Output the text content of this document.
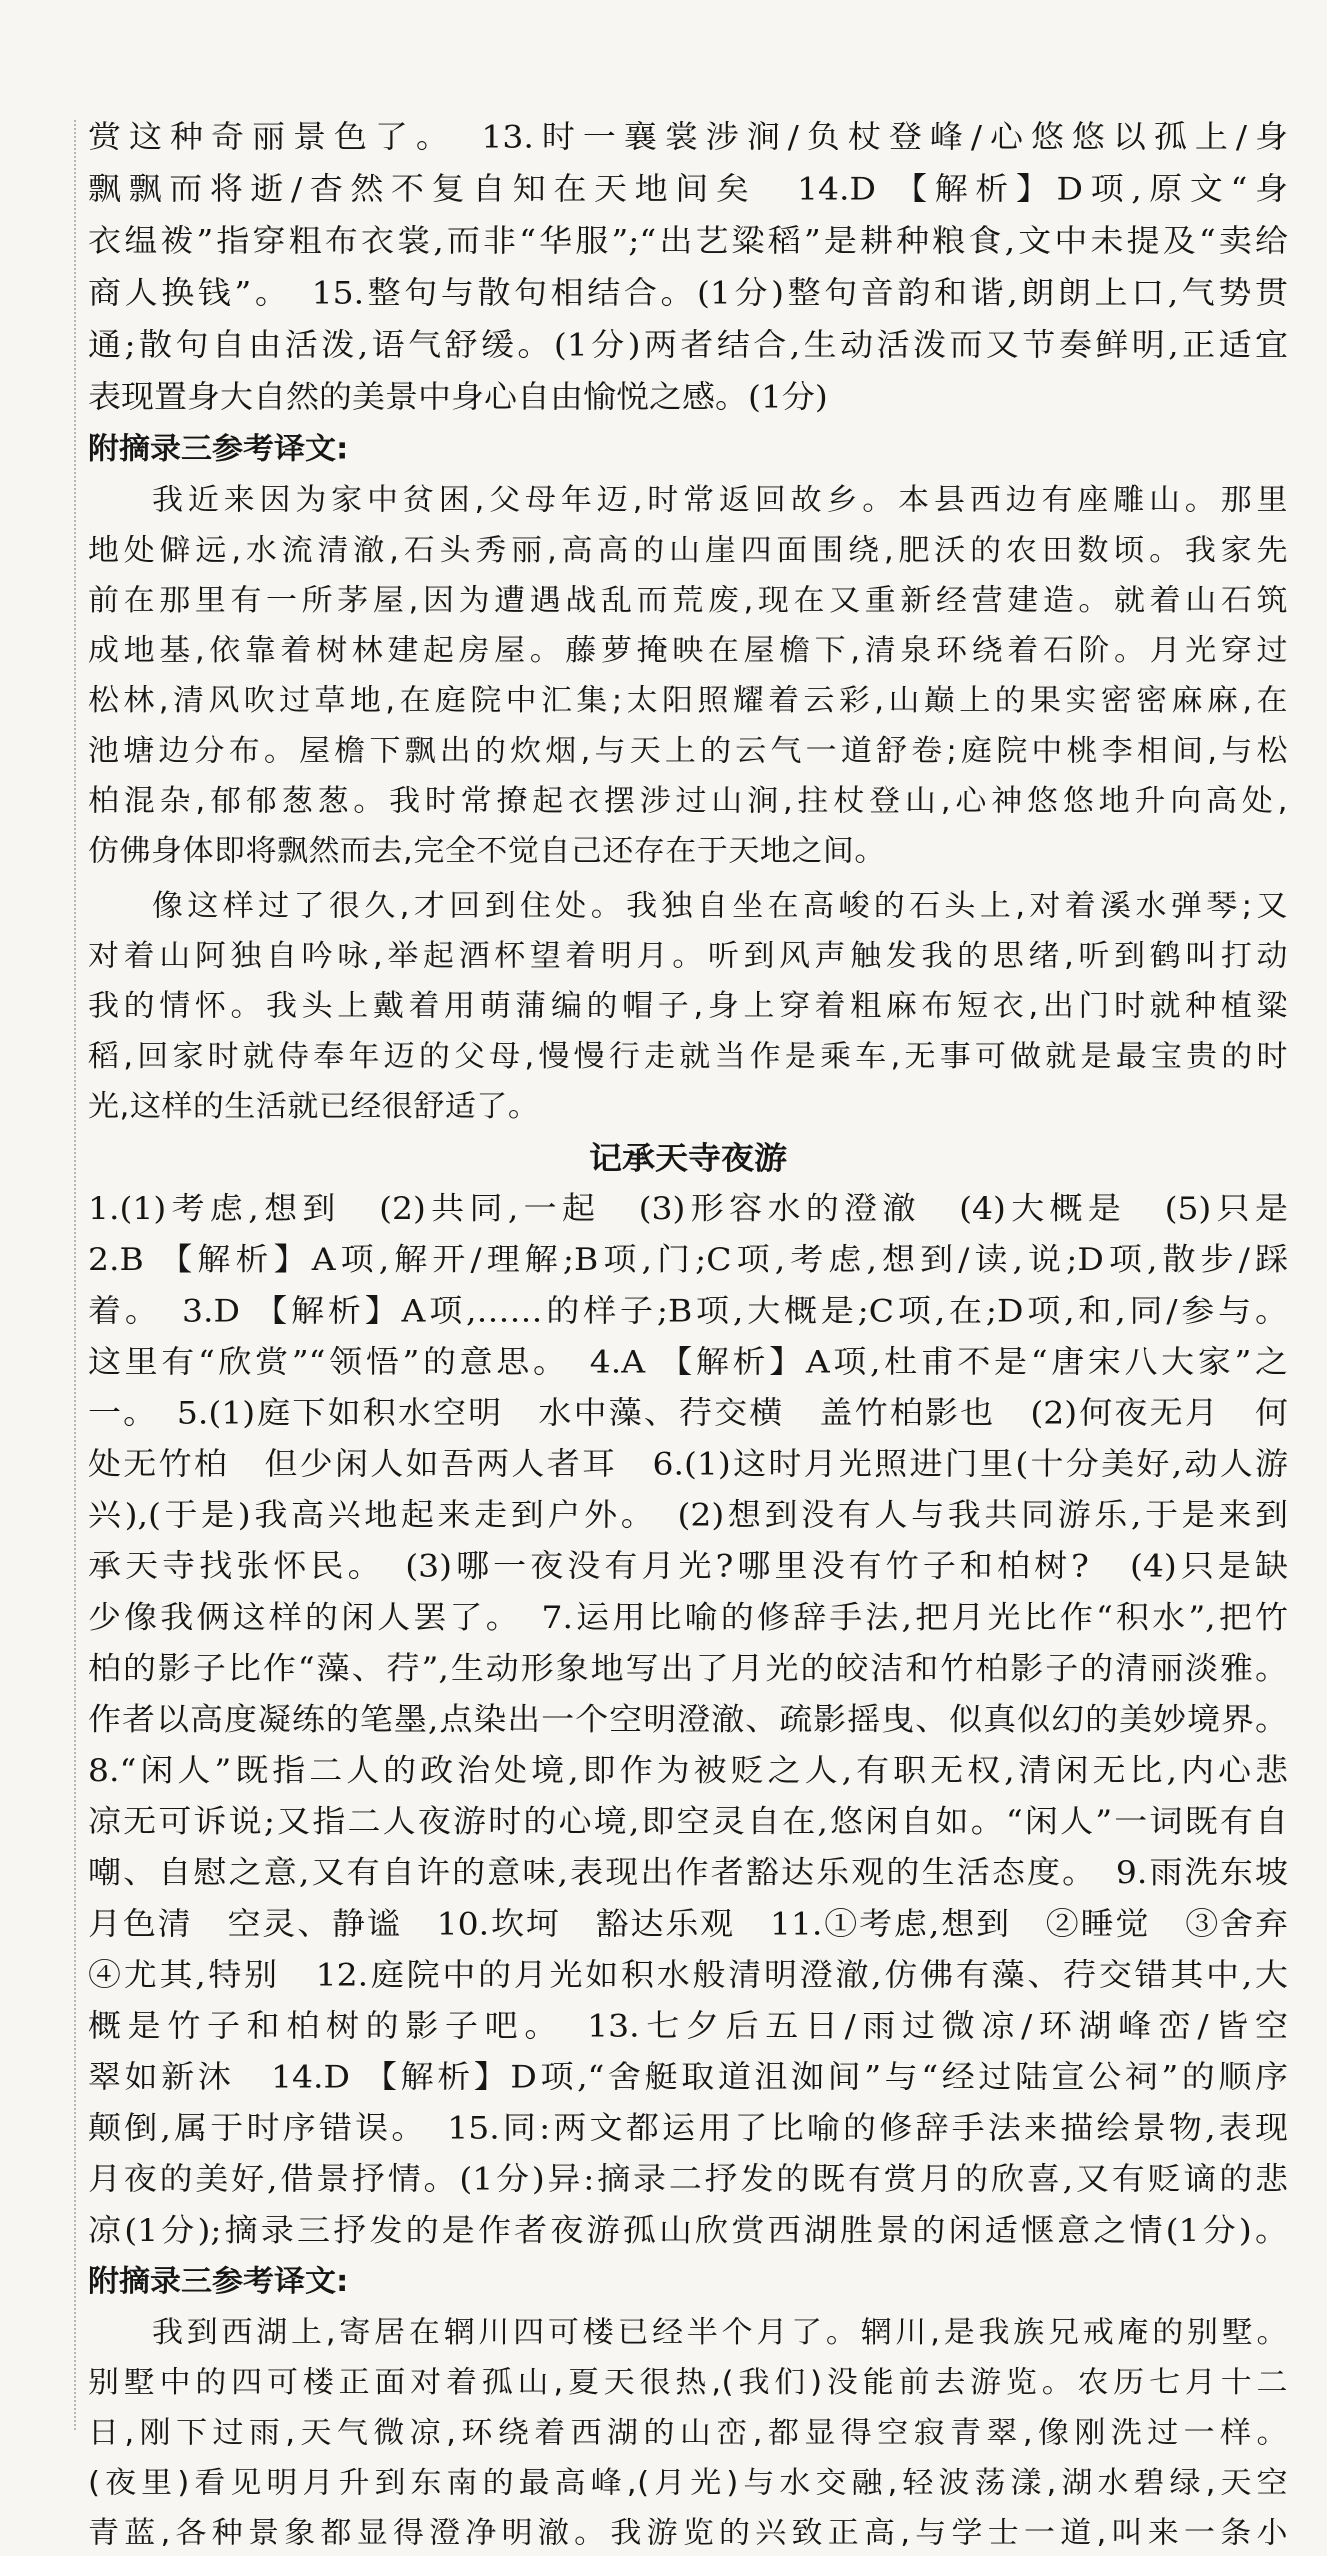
赏这种奇丽景色了。　13.时一襄裳涉涧/负杖登峰/心悠悠以孤上/身
飘飘而将逝/杳然不复自知在天地间矣　14.D 【解析】D项,原文“身
衣缊袯”指穿粗布衣裳,而非“华服”;“出艺粱稻”是耕种粮食,文中未提及“卖给
商人换钱”。　15.整句与散句相结合。(1分)整句音韵和谐,朗朗上口,气势贯
通;散句自由活泼,语气舒缓。(1分)两者结合,生动活泼而又节奏鲜明,正适宜
表现置身大自然的美景中身心自由愉悦之感。(1分)
附摘录三参考译文:
我近来因为家中贫困,父母年迈,时常返回故乡。本县西边有座雕山。那里
地处僻远,水流清澈,石头秀丽,高高的山崖四面围绕,肥沃的农田数顷。我家先
前在那里有一所茅屋,因为遭遇战乱而荒废,现在又重新经营建造。就着山石筑
成地基,依靠着树林建起房屋。藤萝掩映在屋檐下,清泉环绕着石阶。月光穿过
松林,清风吹过草地,在庭院中汇集;太阳照耀着云彩,山巅上的果实密密麻麻,在
池塘边分布。屋檐下飘出的炊烟,与天上的云气一道舒卷;庭院中桃李相间,与松
柏混杂,郁郁葱葱。我时常撩起衣摆涉过山涧,拄杖登山,心神悠悠地升向高处,
仿佛身体即将飘然而去,完全不觉自己还存在于天地之间。
像这样过了很久,才回到住处。我独自坐在高峻的石头上,对着溪水弹琴;又
对着山阿独自吟咏,举起酒杯望着明月。听到风声触发我的思绪,听到鹤叫打动
我的情怀。我头上戴着用萌蒲编的帽子,身上穿着粗麻布短衣,出门时就种植粱
稻,回家时就侍奉年迈的父母,慢慢行走就当作是乘车,无事可做就是最宝贵的时
光,这样的生活就已经很舒适了。
记承天寺夜游
1.(1)考虑,想到　(2)共同,一起　(3)形容水的澄澈　(4)大概是　(5)只是
2.B 【解析】A项,解开/理解;B项,门;C项,考虑,想到/读,说;D项,散步/踩
着。　3.D 【解析】A项,……的样子;B项,大概是;C项,在;D项,和,同/参与。
这里有“欣赏”“领悟”的意思。　4.A 【解析】A项,杜甫不是“唐宋八大家”之
一。　5.(1)庭下如积水空明　水中藻、荇交横　盖竹柏影也　(2)何夜无月　何
处无竹柏　但少闲人如吾两人者耳　6.(1)这时月光照进门里(十分美好,动人游
兴),(于是)我高兴地起来走到户外。　(2)想到没有人与我共同游乐,于是来到
承天寺找张怀民。　(3)哪一夜没有月光?哪里没有竹子和柏树?　(4)只是缺
少像我俩这样的闲人罢了。　7.运用比喻的修辞手法,把月光比作“积水”,把竹
柏的影子比作“藻、荇”,生动形象地写出了月光的皎洁和竹柏影子的清丽淡雅。
作者以高度凝练的笔墨,点染出一个空明澄澈、疏影摇曳、似真似幻的美妙境界。
8.“闲人”既指二人的政治处境,即作为被贬之人,有职无权,清闲无比,内心悲
凉无可诉说;又指二人夜游时的心境,即空灵自在,悠闲自如。“闲人”一词既有自
嘲、自慰之意,又有自许的意味,表现出作者豁达乐观的生活态度。　9.雨洗东坡
月色清　空灵、静谧　10.坎坷　豁达乐观　11.①考虑,想到　②睡觉　③舍弃
④尤其,特别　12.庭院中的月光如积水般清明澄澈,仿佛有藻、荇交错其中,大
概是竹子和柏树的影子吧。　13.七夕后五日/雨过微凉/环湖峰峦/皆空
翠如新沐　14.D 【解析】D项,“舍艇取道沮洳间”与“经过陆宣公祠”的顺序
颠倒,属于时序错误。　15.同:两文都运用了比喻的修辞手法来描绘景物,表现
月夜的美好,借景抒情。(1分)异:摘录二抒发的既有赏月的欣喜,又有贬谪的悲
凉(1分);摘录三抒发的是作者夜游孤山欣赏西湖胜景的闲适惬意之情(1分)。
附摘录三参考译文:
我到西湖上,寄居在辋川四可楼已经半个月了。辋川,是我族兄戒庵的别墅。
别墅中的四可楼正面对着孤山,夏天很热,(我们)没能前去游览。农历七月十二
日,刚下过雨,天气微凉,环绕着西湖的山峦,都显得空寂青翠,像刚洗过一样。
(夜里)看见明月升到东南的最高峰,(月光)与水交融,轻波荡漾,湖水碧绿,天空
青蓝,各种景象都显得澄净明澈。我游览的兴致正高,与学士一道,叫来一条小
